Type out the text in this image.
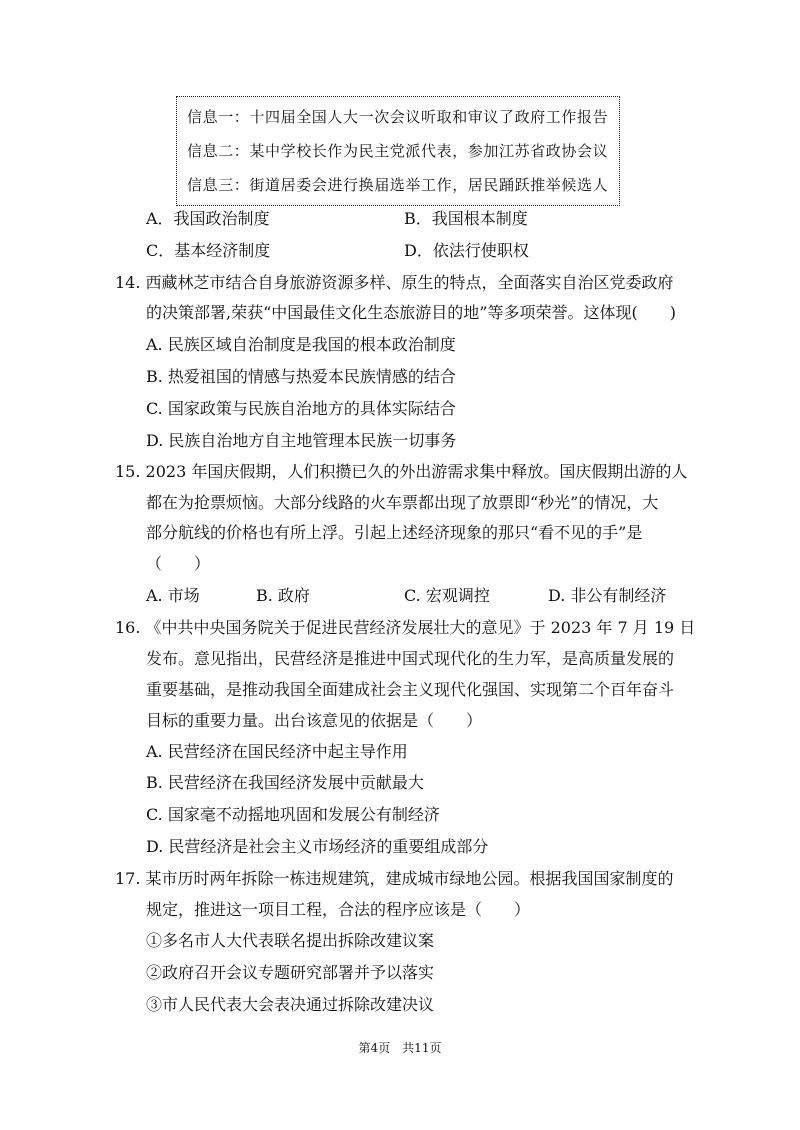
信息一：十四届全国人大一次会议听取和审议了政府工作报告
信息二：某中学校长作为民主党派代表，参加江苏省政协会议
信息三：街道居委会进行换届选举工作，居民踊跃推举候选人
A．我国政治制度	B．我国根本制度
C．基本经济制度	D．依法行使职权
14. 西藏林芝市结合自身旅游资源多样、原生的特点，全面落实自治区党委政府
的决策部署,荣获“中国最佳文化生态旅游目的地”等多项荣誉。这体现(　　)
A. 民族区域自治制度是我国的根本政治制度
B. 热爱祖国的情感与热爱本民族情感的结合
C. 国家政策与民族自治地方的具体实际结合
D. 民族自治地方自主地管理本民族一切事务
15. 2023 年国庆假期，人们积攒已久的外出游需求集中释放。国庆假期出游的人
都在为抢票烦恼。大部分线路的火车票都出现了放票即“秒光”的情况，大
部分航线的价格也有所上浮。引起上述经济现象的那只“看不见的手”是
（　　）
A. 市场	B. 政府	C. 宏观调控	D. 非公有制经济
16. 《中共中央国务院关于促进民营经济发展壮大的意见》于 2023 年 7 月 19 日
发布。意见指出，民营经济是推进中国式现代化的生力军，是高质量发展的
重要基础，是推动我国全面建成社会主义现代化强国、实现第二个百年奋斗
目标的重要力量。出台该意见的依据是（　　）
A. 民营经济在国民经济中起主导作用
B. 民营经济在我国经济发展中贡献最大
C. 国家毫不动摇地巩固和发展公有制经济
D. 民营经济是社会主义市场经济的重要组成部分
17. 某市历时两年拆除一栋违规建筑，建成城市绿地公园。根据我国国家制度的
规定，推进这一项目工程，合法的程序应该是（　　）
①多名市人大代表联名提出拆除改建议案
②政府召开会议专题研究部署并予以落实
③市人民代表大会表决通过拆除改建决议
第4页　共11页
